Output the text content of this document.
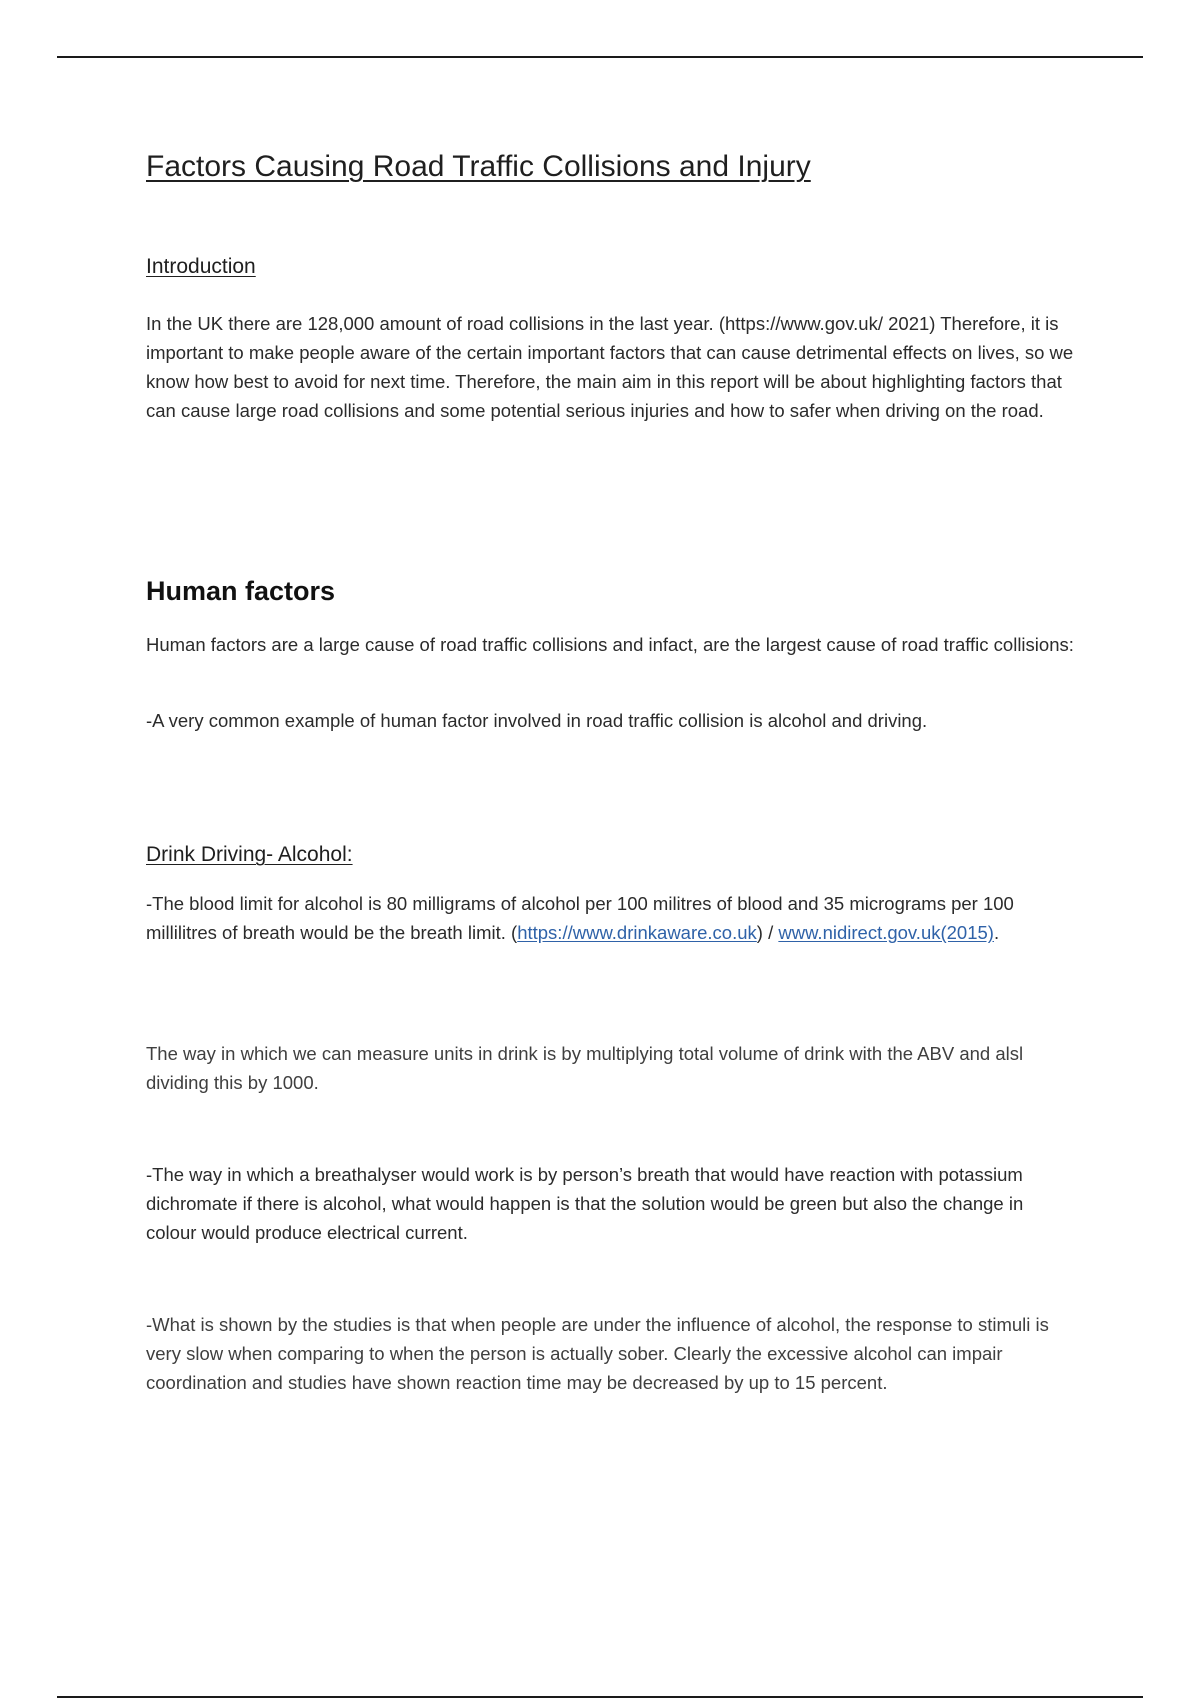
Factors Causing Road Traffic Collisions and Injury
Introduction

In the UK there are 128,000 amount of road collisions in the last year. (https://www.gov.uk/ 2021) Therefore, it is important to make people aware of the certain important factors that can cause detrimental effects on lives, so we know how best to avoid for next time. Therefore, the main aim in this report will be about highlighting factors that can cause large road collisions and some potential serious injuries and how to safer when driving on the road.

Human factors

Human factors are a large cause of road traffic collisions and infact, are the largest cause of road traffic collisions:

-A very common example of human factor involved in road traffic collision is alcohol and driving.

Drink Driving- Alcohol:

-The blood limit for alcohol is 80 milligrams of alcohol per 100 militres of blood and 35 micrograms per 100 millilitres of breath would be the breath limit. (https://www.drinkaware.co.uk) / www.nidirect.gov.uk(2015).

The way in which we can measure units in drink is by multiplying total volume of drink with the ABV and alsl dividing this by 1000.

-The way in which a breathalyser would work is by person’s breath that would have reaction with potassium dichromate if there is alcohol, what would happen is that the solution would be green but also the change in colour would produce electrical current.

-What is shown by the studies is that when people are under the influence of alcohol, the response to stimuli is very slow when comparing to when the person is actually sober. Clearly the excessive alcohol can impair coordination and studies have shown reaction time may be decreased by up to 15 percent.
